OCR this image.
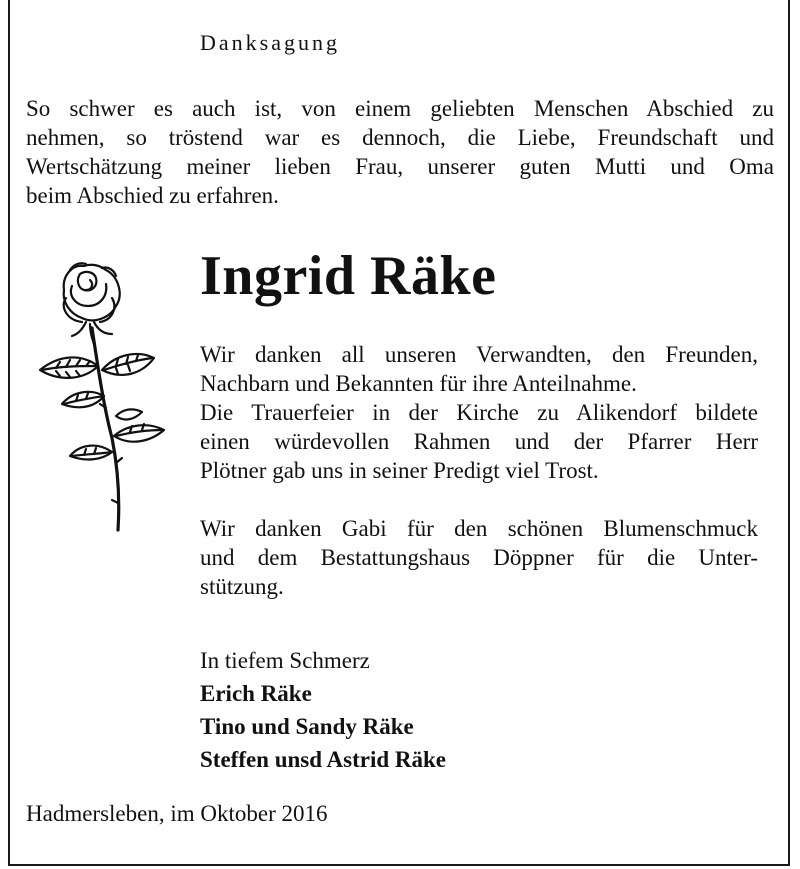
Danksagung
So schwer es auch ist, von einem geliebten Menschen Abschied zu
nehmen, so tröstend war es dennoch, die Liebe, Freundschaft und
Wertschätzung meiner lieben Frau, unserer guten Mutti und Oma
beim Abschied zu erfahren.
Ingrid Räke
Wir danken all unseren Verwandten, den Freunden,
Nachbarn und Bekannten für ihre Anteilnahme.
Die Trauerfeier in der Kirche zu Alikendorf bildete
einen würdevollen Rahmen und der Pfarrer Herr
Plötner gab uns in seiner Predigt viel Trost.
Wir danken Gabi für den schönen Blumenschmuck
und dem Bestattungshaus Döppner für die Unter-
stützung.
In tiefem Schmerz
Erich Räke
Tino und Sandy Räke
Steffen unsd Astrid Räke
Hadmersleben, im Oktober 2016
